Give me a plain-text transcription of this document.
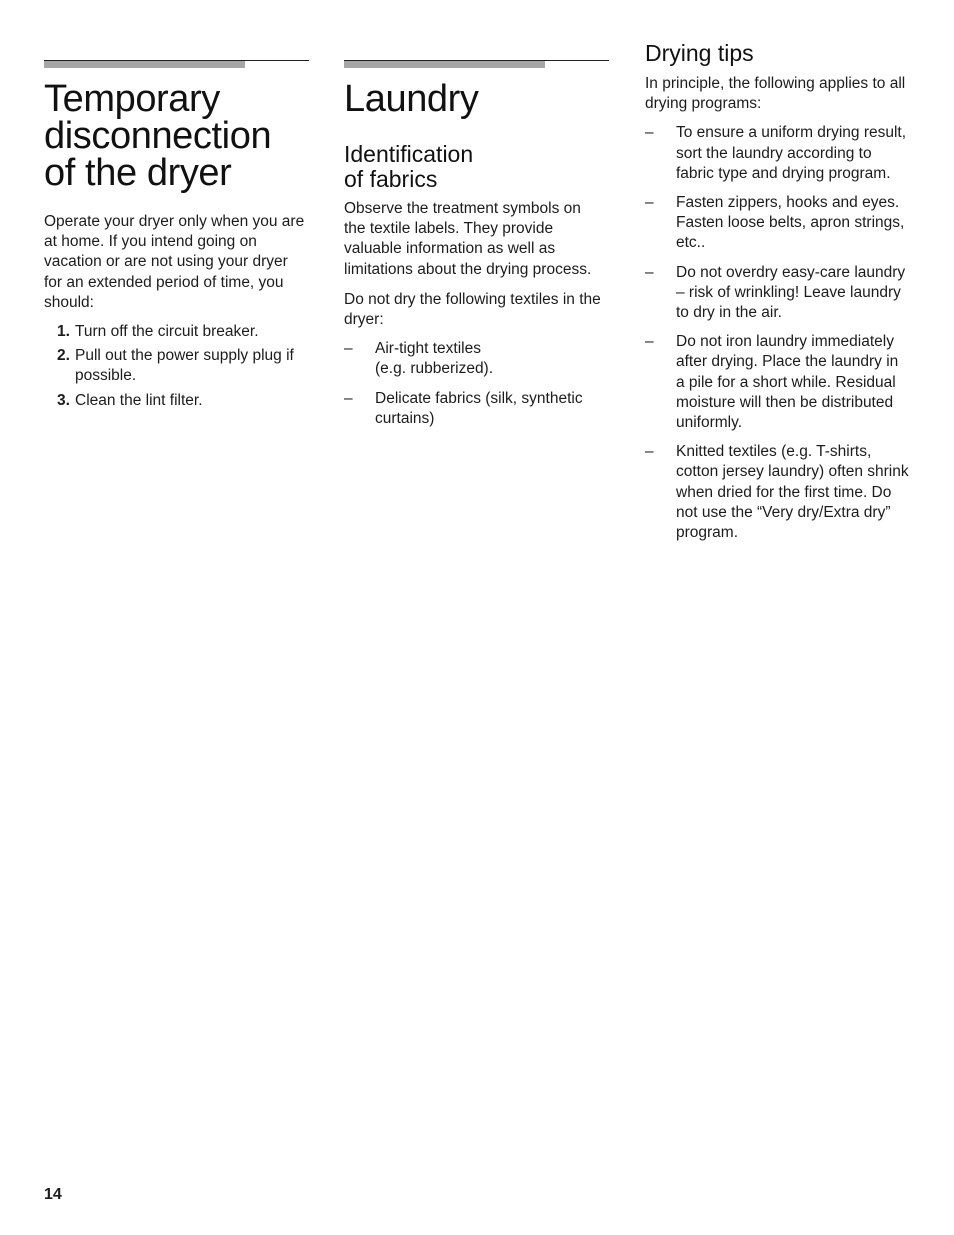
Temporary disconnection of the dryer

Operate your dryer only when you are at home. If you intend going on vacation or are not using your dryer for an extended period of time, you should:

1. Turn off the circuit breaker.
2. Pull out the power supply plug if possible.
3. Clean the lint filter.
Laundry
Identification
of fabrics

Observe the treatment symbols on the textile labels. They provide valuable information as well as limitations about the drying process.

Do not dry the following textiles in the dryer:

– Air‑tight textiles
(e.g. rubberized).
– Delicate fabrics (silk, synthetic curtains)
Drying tips

In principle, the following applies to all drying programs:

– To ensure a uniform drying result, sort the laundry according to fabric type and drying program.
– Fasten zippers, hooks and eyes. Fasten loose belts, apron strings, etc..
– Do not overdry easy-care laundry – risk of wrinkling! Leave laundry to dry in the air.
– Do not iron laundry immediately after drying. Place the laundry in a pile for a short while. Residual moisture will then be distributed uniformly.
– Knitted textiles (e.g. T-shirts, cotton jersey laundry) often shrink when dried for the first time. Do not use the “Very dry/Extra dry” program.
14
